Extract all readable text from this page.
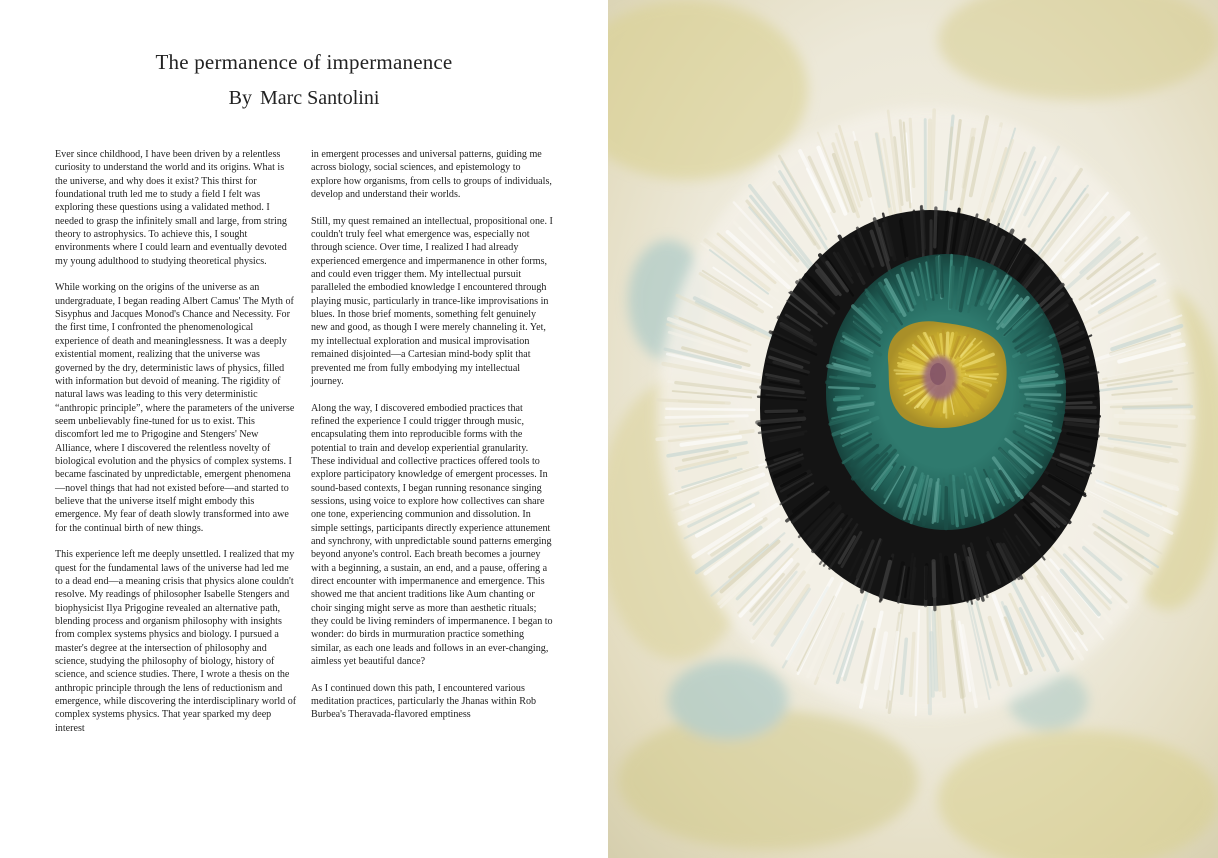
The permanence of impermanence
By Marc Santolini

Ever since childhood, I have been driven by a relentless curiosity to understand the world and its origins. What is the universe, and why does it exist? This thirst for foundational truth led me to study a field I felt was exploring these questions using a validated method. I needed to grasp the infinitely small and large, from string theory to astrophysics. To achieve this, I sought environments where I could learn and eventually devoted my young adulthood to studying theoretical physics.

While working on the origins of the universe as an undergraduate, I began reading Albert Camus' The Myth of Sisyphus and Jacques Monod's Chance and Necessity. For the first time, I confronted the phenomenological experience of death and meaninglessness. It was a deeply existential moment, realizing that the universe was governed by the dry, deterministic laws of physics, filled with information but devoid of meaning. The rigidity of natural laws was leading to this very deterministic “anthropic principle”, where the parameters of the universe seem unbelievably fine-tuned for us to exist. This discomfort led me to Prigogine and Stengers' New Alliance, where I discovered the relentless novelty of biological evolution and the physics of complex systems. I became fascinated by unpredictable, emergent phenomena—novel things that had not existed before—and started to believe that the universe itself might embody this emergence. My fear of death slowly transformed into awe for the continual birth of new things.

This experience left me deeply unsettled. I realized that my quest for the fundamental laws of the universe had led me to a dead end—a meaning crisis that physics alone couldn't resolve. My readings of philosopher Isabelle Stengers and biophysicist Ilya Prigogine revealed an alternative path, blending process and organism philosophy with insights from complex systems physics and biology. I pursued a master's degree at the intersection of philosophy and science, studying the philosophy of biology, history of science, and science studies. There, I wrote a thesis on the anthropic principle through the lens of reductionism and emergence, while discovering the interdisciplinary world of complex systems physics. That year sparked my deep interest

in emergent processes and universal patterns, guiding me across biology, social sciences, and epistemology to explore how organisms, from cells to groups of individuals, develop and understand their worlds.

Still, my quest remained an intellectual, propositional one. I couldn't truly feel what emergence was, especially not through science. Over time, I realized I had already experienced emergence and impermanence in other forms, and could even trigger them. My intellectual pursuit paralleled the embodied knowledge I encountered through playing music, particularly in trance-like improvisations in blues. In those brief moments, something felt genuinely new and good, as though I were merely channeling it. Yet, my intellectual exploration and musical improvisation remained disjointed—a Cartesian mind-body split that prevented me from fully embodying my intellectual journey.

Along the way, I discovered embodied practices that refined the experience I could trigger through music, encapsulating them into reproducible forms with the potential to train and develop experiential granularity. These individual and collective practices offered tools to explore participatory knowledge of emergent processes. In sound-based contexts, I began running resonance singing sessions, using voice to explore how collectives can share one tone, experiencing communion and dissolution. In simple settings, participants directly experience attunement and synchrony, with unpredictable sound patterns emerging beyond anyone's control. Each breath becomes a journey with a beginning, a sustain, an end, and a pause, offering a direct encounter with impermanence and emergence. This showed me that ancient traditions like Aum chanting or choir singing might serve as more than aesthetic rituals; they could be living reminders of impermanence. I began to wonder: do birds in murmuration practice something similar, as each one leads and follows in an ever-changing, aimless yet beautiful dance?

As I continued down this path, I encountered various meditation practices, particularly the Jhanas within Rob Burbea's Theravada-flavored emptiness
